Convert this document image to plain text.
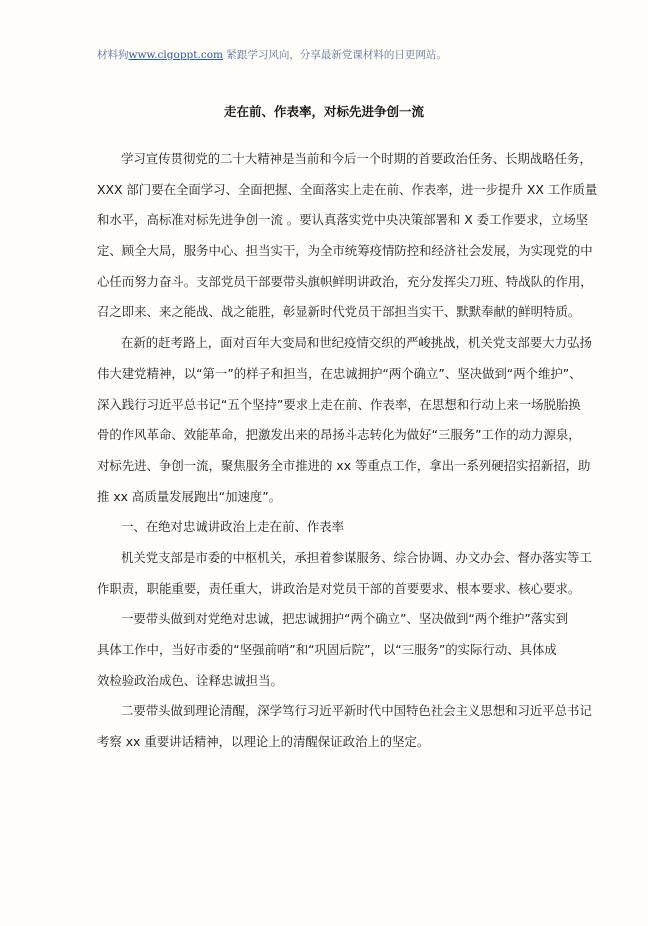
材料狗www.clgoppt.com 紧跟学习风向，分享最新党课材料的日更网站。
走在前、作表率，对标先进争创一流
学习宣传贯彻党的二十大精神是当前和今后一个时期的首要政治任务、长期战略任务，
XXX 部门要在全面学习、全面把握、全面落实上走在前、作表率，进一步提升 XX 工作质量
和水平，高标准对标先进争创一流 。要认真落实党中央决策部署和 X 委工作要求，立场坚
定、顾全大局，服务中心、担当实干，为全市统筹疫情防控和经济社会发展，为实现党的中
心任而努力奋斗。支部党员干部要带头旗帜鲜明讲政治，充分发挥尖刀班、特战队的作用，
召之即来、来之能战、战之能胜，彰显新时代党员干部担当实干、默默奉献的鲜明特质。
在新的赶考路上，面对百年大变局和世纪疫情交织的严峻挑战，机关党支部要大力弘扬
伟大建党精神，以“第一”的样子和担当，在忠诚拥护“两个确立”、坚决做到“两个维护”、
深入践行习近平总书记“五个坚持”要求上走在前、作表率，在思想和行动上来一场脱胎换
骨的作风革命、效能革命，把激发出来的昂扬斗志转化为做好“三服务”工作的动力源泉，
对标先进、争创一流，聚焦服务全市推进的 xx 等重点工作，拿出一系列硬招实招新招，助
推 xx 高质量发展跑出“加速度”。
一、在绝对忠诚讲政治上走在前、作表率
机关党支部是市委的中枢机关，承担着参谋服务、综合协调、办文办会、督办落实等工
作职责，职能重要，责任重大，讲政治是对党员干部的首要要求、根本要求、核心要求。
一要带头做到对党绝对忠诚，把忠诚拥护“两个确立”、坚决做到“两个维护”落实到
具体工作中，当好市委的“坚强前哨”和“巩固后院”，以“三服务”的实际行动、具体成
效检验政治成色、诠释忠诚担当。
二要带头做到理论清醒，深学笃行习近平新时代中国特色社会主义思想和习近平总书记
考察 xx 重要讲话精神，以理论上的清醒保证政治上的坚定。
